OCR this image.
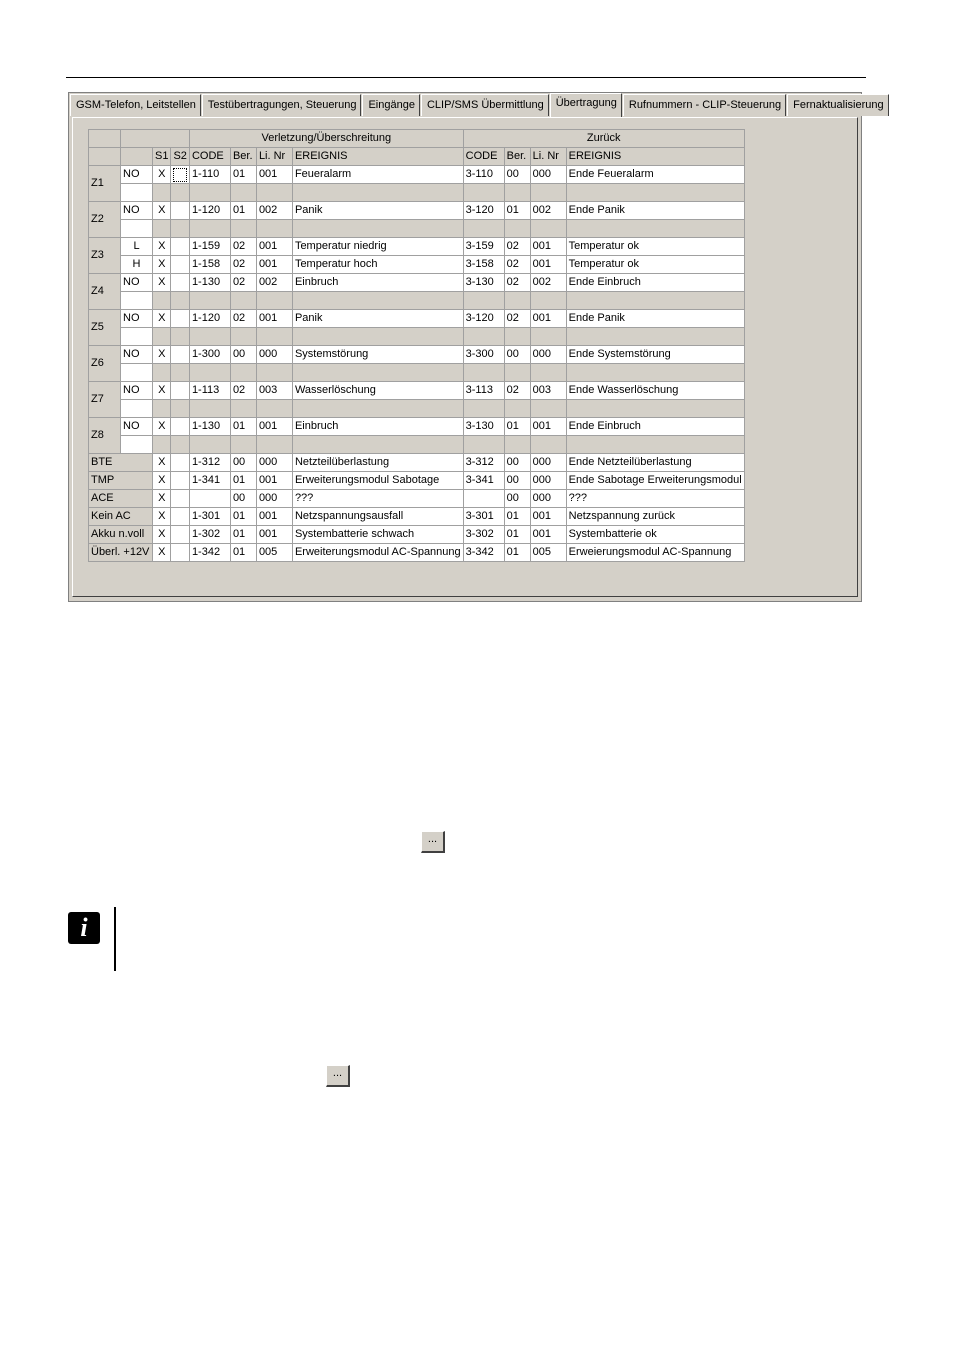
GSM-Telefon, Leitstellen	Testübertragungen, Steuerung	Eingänge	CLIP/SMS Übermittlung	Übertragung	Rufnummern - CLIP-Steuerung	Fernaktualisierung
				Verletzung/Überschreitung				Zurück			
		S1	S2	CODE	Ber.	Li. Nr	EREIGNIS	CODE	Ber.	Li. Nr	EREIGNIS
Z1	NO	X		1-110	01	001	Feueralarm	3-110	00	000	Ende Feueralarm

Z2	NO	X		1-120	01	002	Panik	3-120	01	002	Ende Panik

Z3	L	X		1-159	02	001	Temperatur niedrig	3-159	02	001	Temperatur ok
	H	X		1-158	02	001	Temperatur hoch	3-158	02	001	Temperatur ok
Z4	NO	X		1-130	02	002	Einbruch	3-130	02	002	Ende Einbruch

Z5	NO	X		1-120	02	001	Panik	3-120	02	001	Ende Panik

Z6	NO	X		1-300	00	000	Systemstörung	3-300	00	000	Ende Systemstörung

Z7	NO	X		1-113	02	003	Wasserlöschung	3-113	02	003	Ende Wasserlöschung

Z8	NO	X		1-130	01	001	Einbruch	3-130	01	001	Ende Einbruch

BTE		X		1-312	00	000	Netzteilüberlastung	3-312	00	000	Ende Netzteilüberlastung
TMP		X		1-341	01	001	Erweiterungsmodul Sabotage	3-341	00	000	Ende Sabotage Erweiterungsmodul
ACE		X			00	000	???		00	000	???
Kein AC		X		1-301	01	001	Netzspannungsausfall	3-301	01	001	Netzspannung zurück
Akku n.voll		X		1-302	01	001	Systembatterie schwach	3-302	01	001	Systembatterie ok
Überl. +12V		X		1-342	01	005	Erweiterungsmodul AC-Spannung	3-342	01	005	Erweierungsmodul AC-Spannung
...
i
...
